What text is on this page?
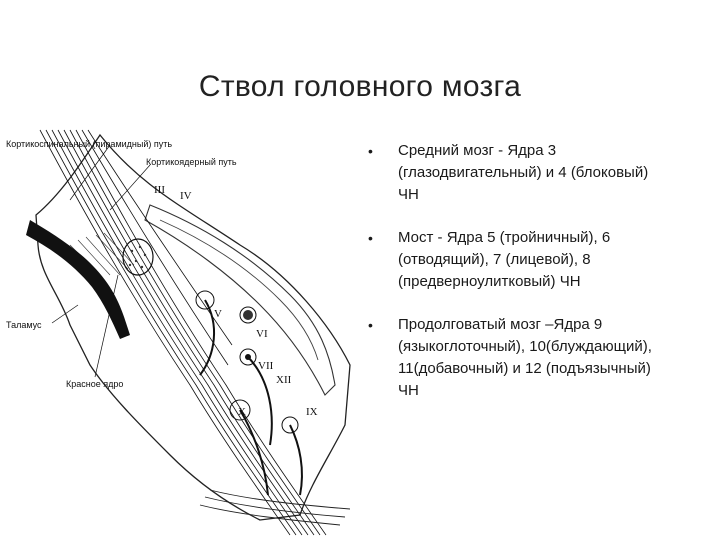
Ствол головного мозга
Кортикоспинальный (пирамидный) путь
Кортикоядерный путь
Таламус
Красное ядро
III IV
V
VI
VII
XII
X	IX
• Средний мозг - Ядра 3 (глазодвигательный) и 4 (блоковый) ЧН
• Мост - Ядра 5 (тройничный), 6 (отводящий), 7 (лицевой), 8 (предверноулитковый) ЧН
• Продолговатый мозг –Ядра 9 (языкоглоточный), 10(блуждающий), 11(добавочный) и 12 (подъязычный) ЧН
